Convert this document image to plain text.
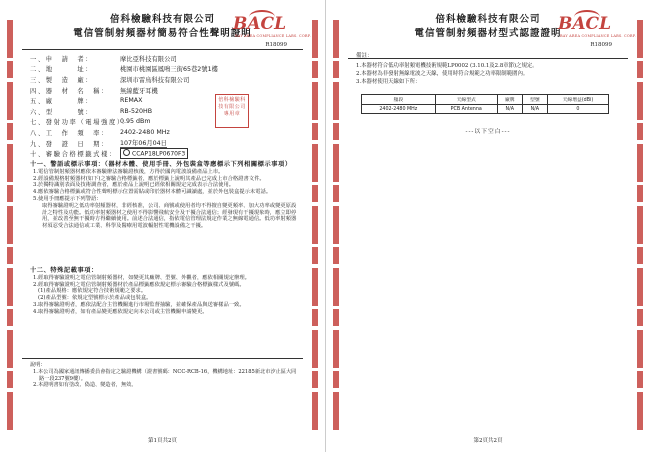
倍科檢驗科技有限公司
電信管制射頻器材簡易符合性聲明證明
BACL
BAY AREA COMPLIANCE LABS. CORP.
R18099
一、申　請　者：	摩比亞科技有限公司
二、地　　　址：	桃園市桃園區鳳鳴三街65巷2號1樓
三、製　造　廠：	深圳市雷鳥科技有限公司
四、器　材　名　稱：	無線藍牙耳機
五、廠　　　牌：	REMAX
六、型　　　號：	RB-520HB
七、發射功率（電場強度）：
0.95 dBm
八、工　作　頻　率：	2402-2480 MHz
九、發　證　日　期：	107年06月04日
十、審驗合格標籤式樣：	CCAP18LP0670F3
倍科檢驗科技有限公司專用章
十一、警語或標示事項：（器材本體、使用手冊、外包裝盒等應標示下列相關標示事項）

1.電信管制射頻器材應依本審驗辦法審驗證核後，方得於國內電波設備產品上市。

2.經設備規格射頻器材(如下)之審驗合格標籤者，應於標籤上說明其產品已完成上市合格證書文件。

3.於獨特識別表面及技術調查者，應於產品上說明已經依相關規定完成表示合法使用。

4.應依審驗合格標籤或符合性聲明標示位置需貼或印於器材本體可識讀處，並於外包裝盒提示未電話。

5.使用手冊應提示下列警語：

取得審驗證明之低功率射頻器材，非經核准，公司、商號或使用者均不得擅自變更頻率、加大功率或變更原設計之特性及功能。低功率射頻器材之使用不得影響飛航安全及干擾合法通信；經發現有干擾現象時，應立即停用，並改善至無干擾時方得繼續使用。前述合法通信，指依電信管理法規定作業之無線電通信。低功率射頻器材須忍受合法通信或工業、科學及醫療用電波輻射性電機設備之干擾。

十二、特殊記載事項：

1.經取得審驗證明之電信管制射頻器材，如變更其廠牌、型號、外觀者，應依相關規定辦理。

2.經取得審驗證明之電信管制射頻器材於產品標籤應依規定標示審驗合格標籤樣式及號碼。

(1)產品規格：應依規定符合技術規範之要求。

(2)產品型號：依規定型號標示於產品或包裝盒。

3.取得審驗證明者，應依法配合主管機關進行市場監督抽驗，並確保產品與送審樣品一致。

4.取得審驗證明者，如有產品變更應依規定向本公司或主管機關申請變更。

說明：

1.本公司為國家通訊傳播委員會指定之驗證機構（證書號碼：NCC-RCB-16，機構地址：22185新北市汐止區大同路一段237號9樓）。

2.本證明書如有塗改、偽造、變造者，無效。

第1頁共2頁
倍科檢驗科技有限公司
電信管制射頻器材型式認證證明
BACL
BAY AREA COMPLIANCE LABS. CORP.
R18099
備註：
1.本器材符合低功率射頻電機技術規範LP0002 (3.10.1及2.8章節)之規定。
2.本器材為非發射無線電波之天線，使用時符合規範之功率限制範圍內。
3.本器材使用天線如下所：
頻段	天線型式	廠牌	型號	天線增益(dBi)
2402-2480 MHz	PCB Antenna	N/A	N/A	0
---以下空白---
第2頁共2頁
